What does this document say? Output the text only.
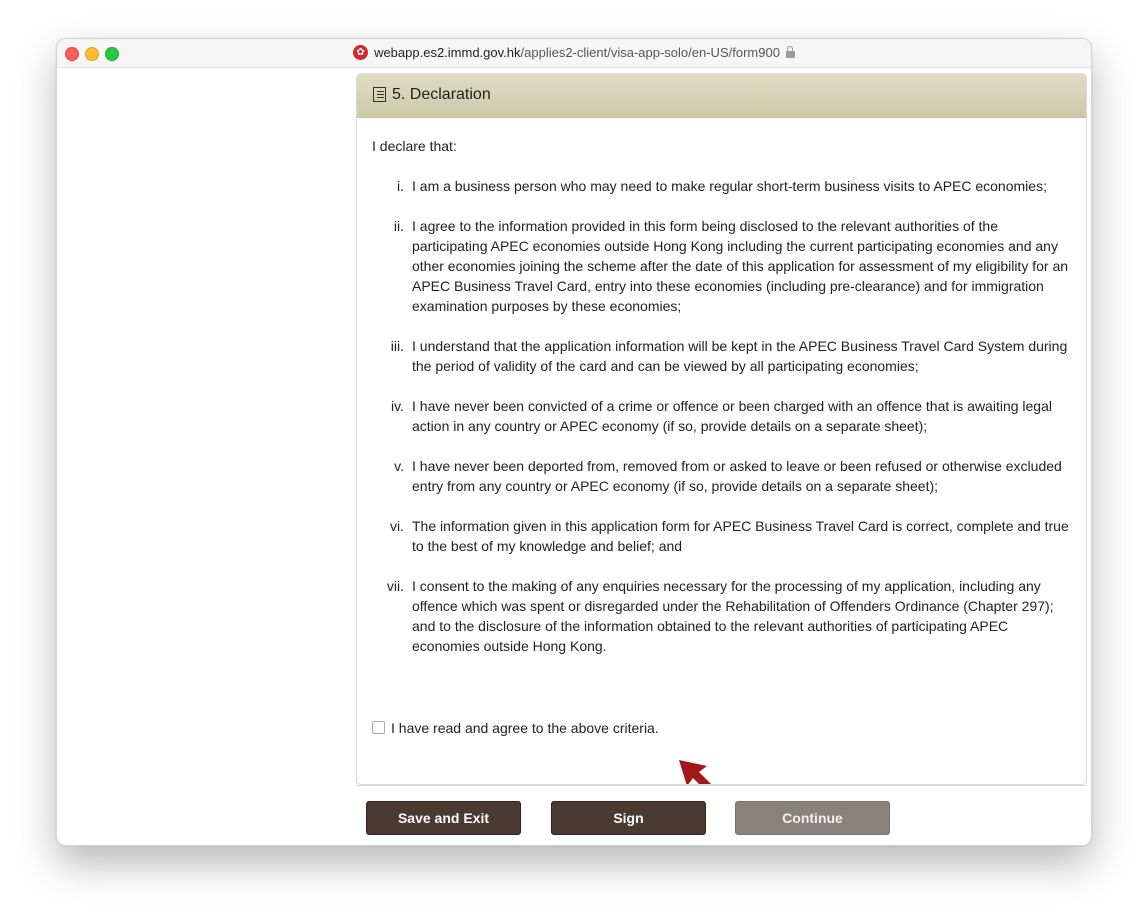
✿webapp.es2.immd.gov.hk/applies2-client/visa-app-solo/en-US/form900
5. Declaration

I declare that:

i. I am a business person who may need to make regular short-term business visits to APEC economies;
ii. I agree to the information provided in this form being disclosed to the relevant authorities of the participating APEC economies outside Hong Kong including the current participating economies and any other economies joining the scheme after the date of this application for assessment of my eligibility for an APEC Business Travel Card, entry into these economies (including pre-clearance) and for immigration examination purposes by these economies;
iii. I understand that the application information will be kept in the APEC Business Travel Card System during the period of validity of the card and can be viewed by all participating economies;
iv. I have never been convicted of a crime or offence or been charged with an offence that is awaiting legal action in any country or APEC economy (if so, provide details on a separate sheet);
v. I have never been deported from, removed from or asked to leave or been refused or otherwise excluded entry from any country or APEC economy (if so, provide details on a separate sheet);
vi. The information given in this application form for APEC Business Travel Card is correct, complete and true to the best of my knowledge and belief; and
vii. I consent to the making of any enquiries necessary for the processing of my application, including any offence which was spent or disregarded under the Rehabilitation of Offenders Ordinance (Chapter 297); and to the disclosure of the information obtained to the relevant authorities of participating APEC economies outside Hong Kong.
I have read and agree to the above criteria.
Save and Exit	Sign	Continue
